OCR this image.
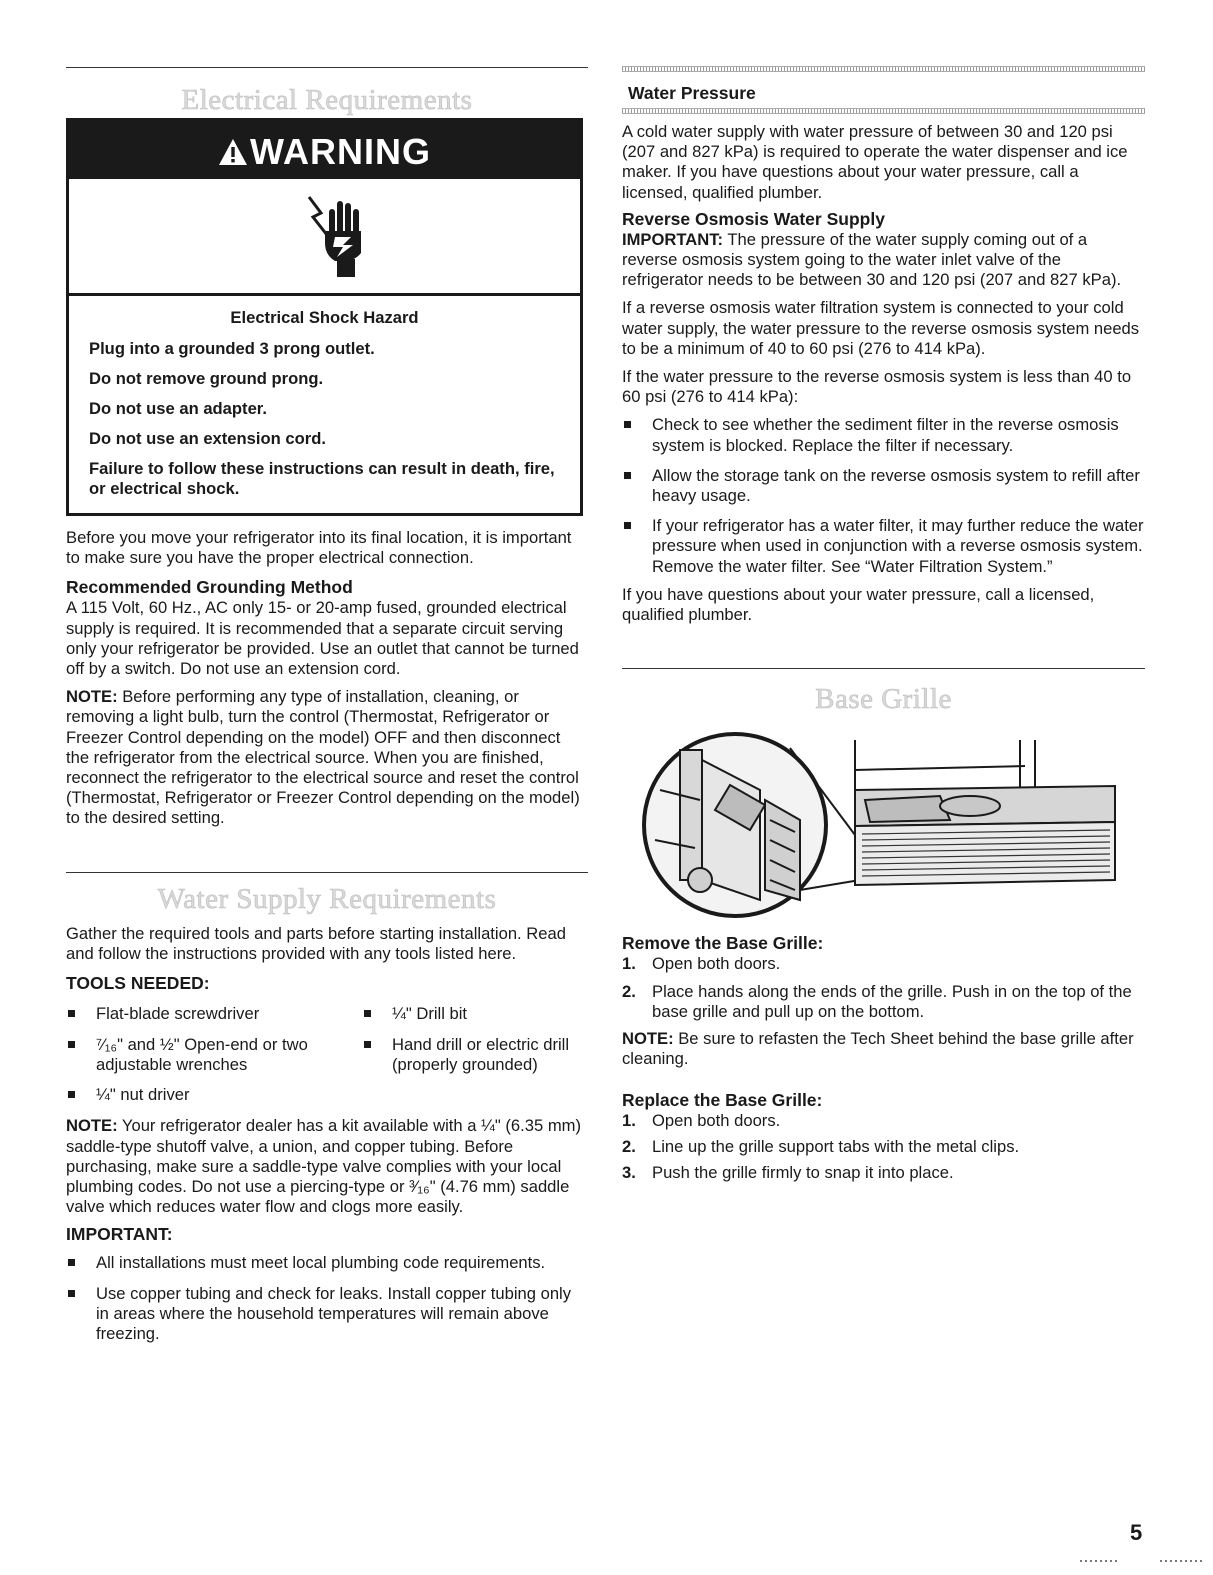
Electrical Requirements
WARNING

Electrical Shock Hazard

Plug into a grounded 3 prong outlet.

Do not remove ground prong.

Do not use an adapter.

Do not use an extension cord.

Failure to follow these instructions can result in death, fire, or electrical shock.

Before you move your refrigerator into its final location, it is important to make sure you have the proper electrical connection.

Recommended Grounding Method

A 115 Volt, 60 Hz., AC only 15- or 20-amp fused, grounded electrical supply is required. It is recommended that a separate circuit serving only your refrigerator be provided. Use an outlet that cannot be turned off by a switch. Do not use an extension cord.

NOTE: Before performing any type of installation, cleaning, or removing a light bulb, turn the control (Thermostat, Refrigerator or Freezer Control depending on the model) OFF and then disconnect the refrigerator from the electrical source. When you are finished, reconnect the refrigerator to the electrical source and reset the control (Thermostat, Refrigerator or Freezer Control depending on the model) to the desired setting.

Water Supply Requirements

Gather the required tools and parts before starting installation. Read and follow the instructions provided with any tools listed here.

TOOLS NEEDED:
Flat-blade screwdriver
⁷⁄₁₆" and ½" Open-end or two adjustable wrenches
¼" nut driver
¼" Drill bit
Hand drill or electric drill (properly grounded)

NOTE: Your refrigerator dealer has a kit available with a ¼" (6.35 mm) saddle-type shutoff valve, a union, and copper tubing. Before purchasing, make sure a saddle-type valve complies with your local plumbing codes. Do not use a piercing-type or ³⁄₁₆" (4.76 mm) saddle valve which reduces water flow and clogs more easily.

IMPORTANT:
All installations must meet local plumbing code requirements.
Use copper tubing and check for leaks. Install copper tubing only in areas where the household temperatures will remain above freezing.
Water Pressure

A cold water supply with water pressure of between 30 and 120 psi (207 and 827 kPa) is required to operate the water dispenser and ice maker. If you have questions about your water pressure, call a licensed, qualified plumber.

Reverse Osmosis Water Supply

IMPORTANT: The pressure of the water supply coming out of a reverse osmosis system going to the water inlet valve of the refrigerator needs to be between 30 and 120 psi (207 and 827 kPa).

If a reverse osmosis water filtration system is connected to your cold water supply, the water pressure to the reverse osmosis system needs to be a minimum of 40 to 60 psi (276 to 414 kPa).

If the water pressure to the reverse osmosis system is less than 40 to 60 psi (276 to 414 kPa):

Check to see whether the sediment filter in the reverse osmosis system is blocked. Replace the filter if necessary.
Allow the storage tank on the reverse osmosis system to refill after heavy usage.
If your refrigerator has a water filter, it may further reduce the water pressure when used in conjunction with a reverse osmosis system. Remove the water filter. See “Water Filtration System.”

If you have questions about your water pressure, call a licensed, qualified plumber.

Base Grille
Remove the Base Grille:
1. Open both doors.
2. Place hands along the ends of the grille. Push in on the top of the base grille and pull up on the bottom.

NOTE: Be sure to refasten the Tech Sheet behind the base grille after cleaning.

Replace the Base Grille:
1. Open both doors.
2. Line up the grille support tabs with the metal clips.
3. Push the grille firmly to snap it into place.
5
